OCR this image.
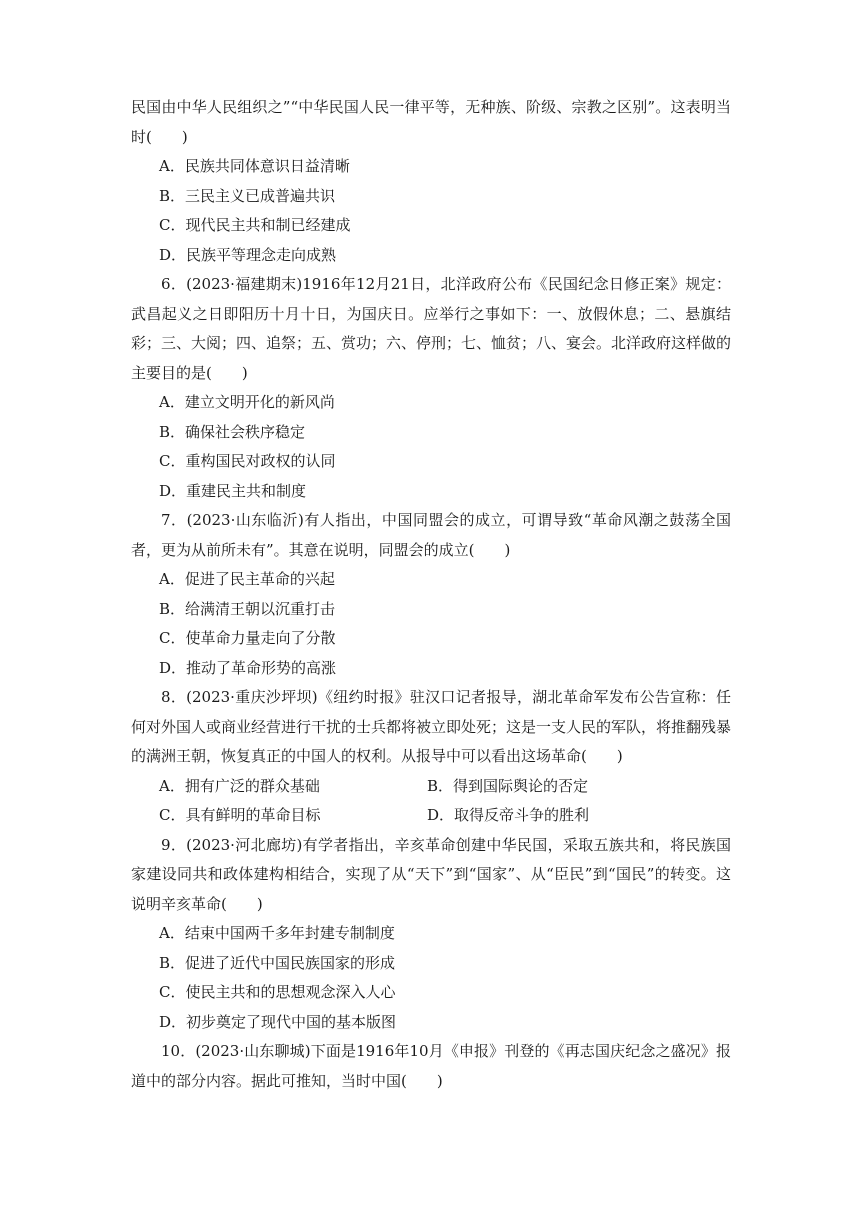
民国由中华人民组织之”“中华民国人民一律平等，无种族、阶级、宗教之区别”。这表明当时(　　)

A．民族共同体意识日益清晰

B．三民主义已成普遍共识

C．现代民主共和制已经建成

D．民族平等理念走向成熟

6．(2023·福建期末)1916年12月21日，北洋政府公布《民国纪念日修正案》规定：武昌起义之日即阳历十月十日，为国庆日。应举行之事如下：一、放假休息；二、悬旗结彩；三、大阅；四、追祭；五、赏功；六、停刑；七、恤贫；八、宴会。北洋政府这样做的主要目的是(　　)

A．建立文明开化的新风尚

B．确保社会秩序稳定

C．重构国民对政权的认同

D．重建民主共和制度

7．(2023·山东临沂)有人指出，中国同盟会的成立，可谓导致“革命风潮之鼓荡全国者，更为从前所未有”。其意在说明，同盟会的成立(　　)

A．促进了民主革命的兴起

B．给满清王朝以沉重打击

C．使革命力量走向了分散

D．推动了革命形势的高涨

8．(2023·重庆沙坪坝)《纽约时报》驻汉口记者报导，湖北革命军发布公告宣称：任何对外国人或商业经营进行干扰的士兵都将被立即处死；这是一支人民的军队，将推翻残暴的满洲王朝，恢复真正的中国人的权利。从报导中可以看出这场革命(　　)

A．拥有广泛的群众基础	B．得到国际舆论的否定
C．具有鲜明的革命目标	D．取得反帝斗争的胜利

9．(2023·河北廊坊)有学者指出，辛亥革命创建中华民国，采取五族共和，将民族国家建设同共和政体建构相结合，实现了从“天下”到“国家”、从“臣民”到“国民”的转变。这说明辛亥革命(　　)

A．结束中国两千多年封建专制制度

B．促进了近代中国民族国家的形成

C．使民主共和的思想观念深入人心

D．初步奠定了现代中国的基本版图

10．(2023·山东聊城)下面是1916年10月《申报》刊登的《再志国庆纪念之盛况》报道中的部分内容。据此可推知，当时中国(　　)
